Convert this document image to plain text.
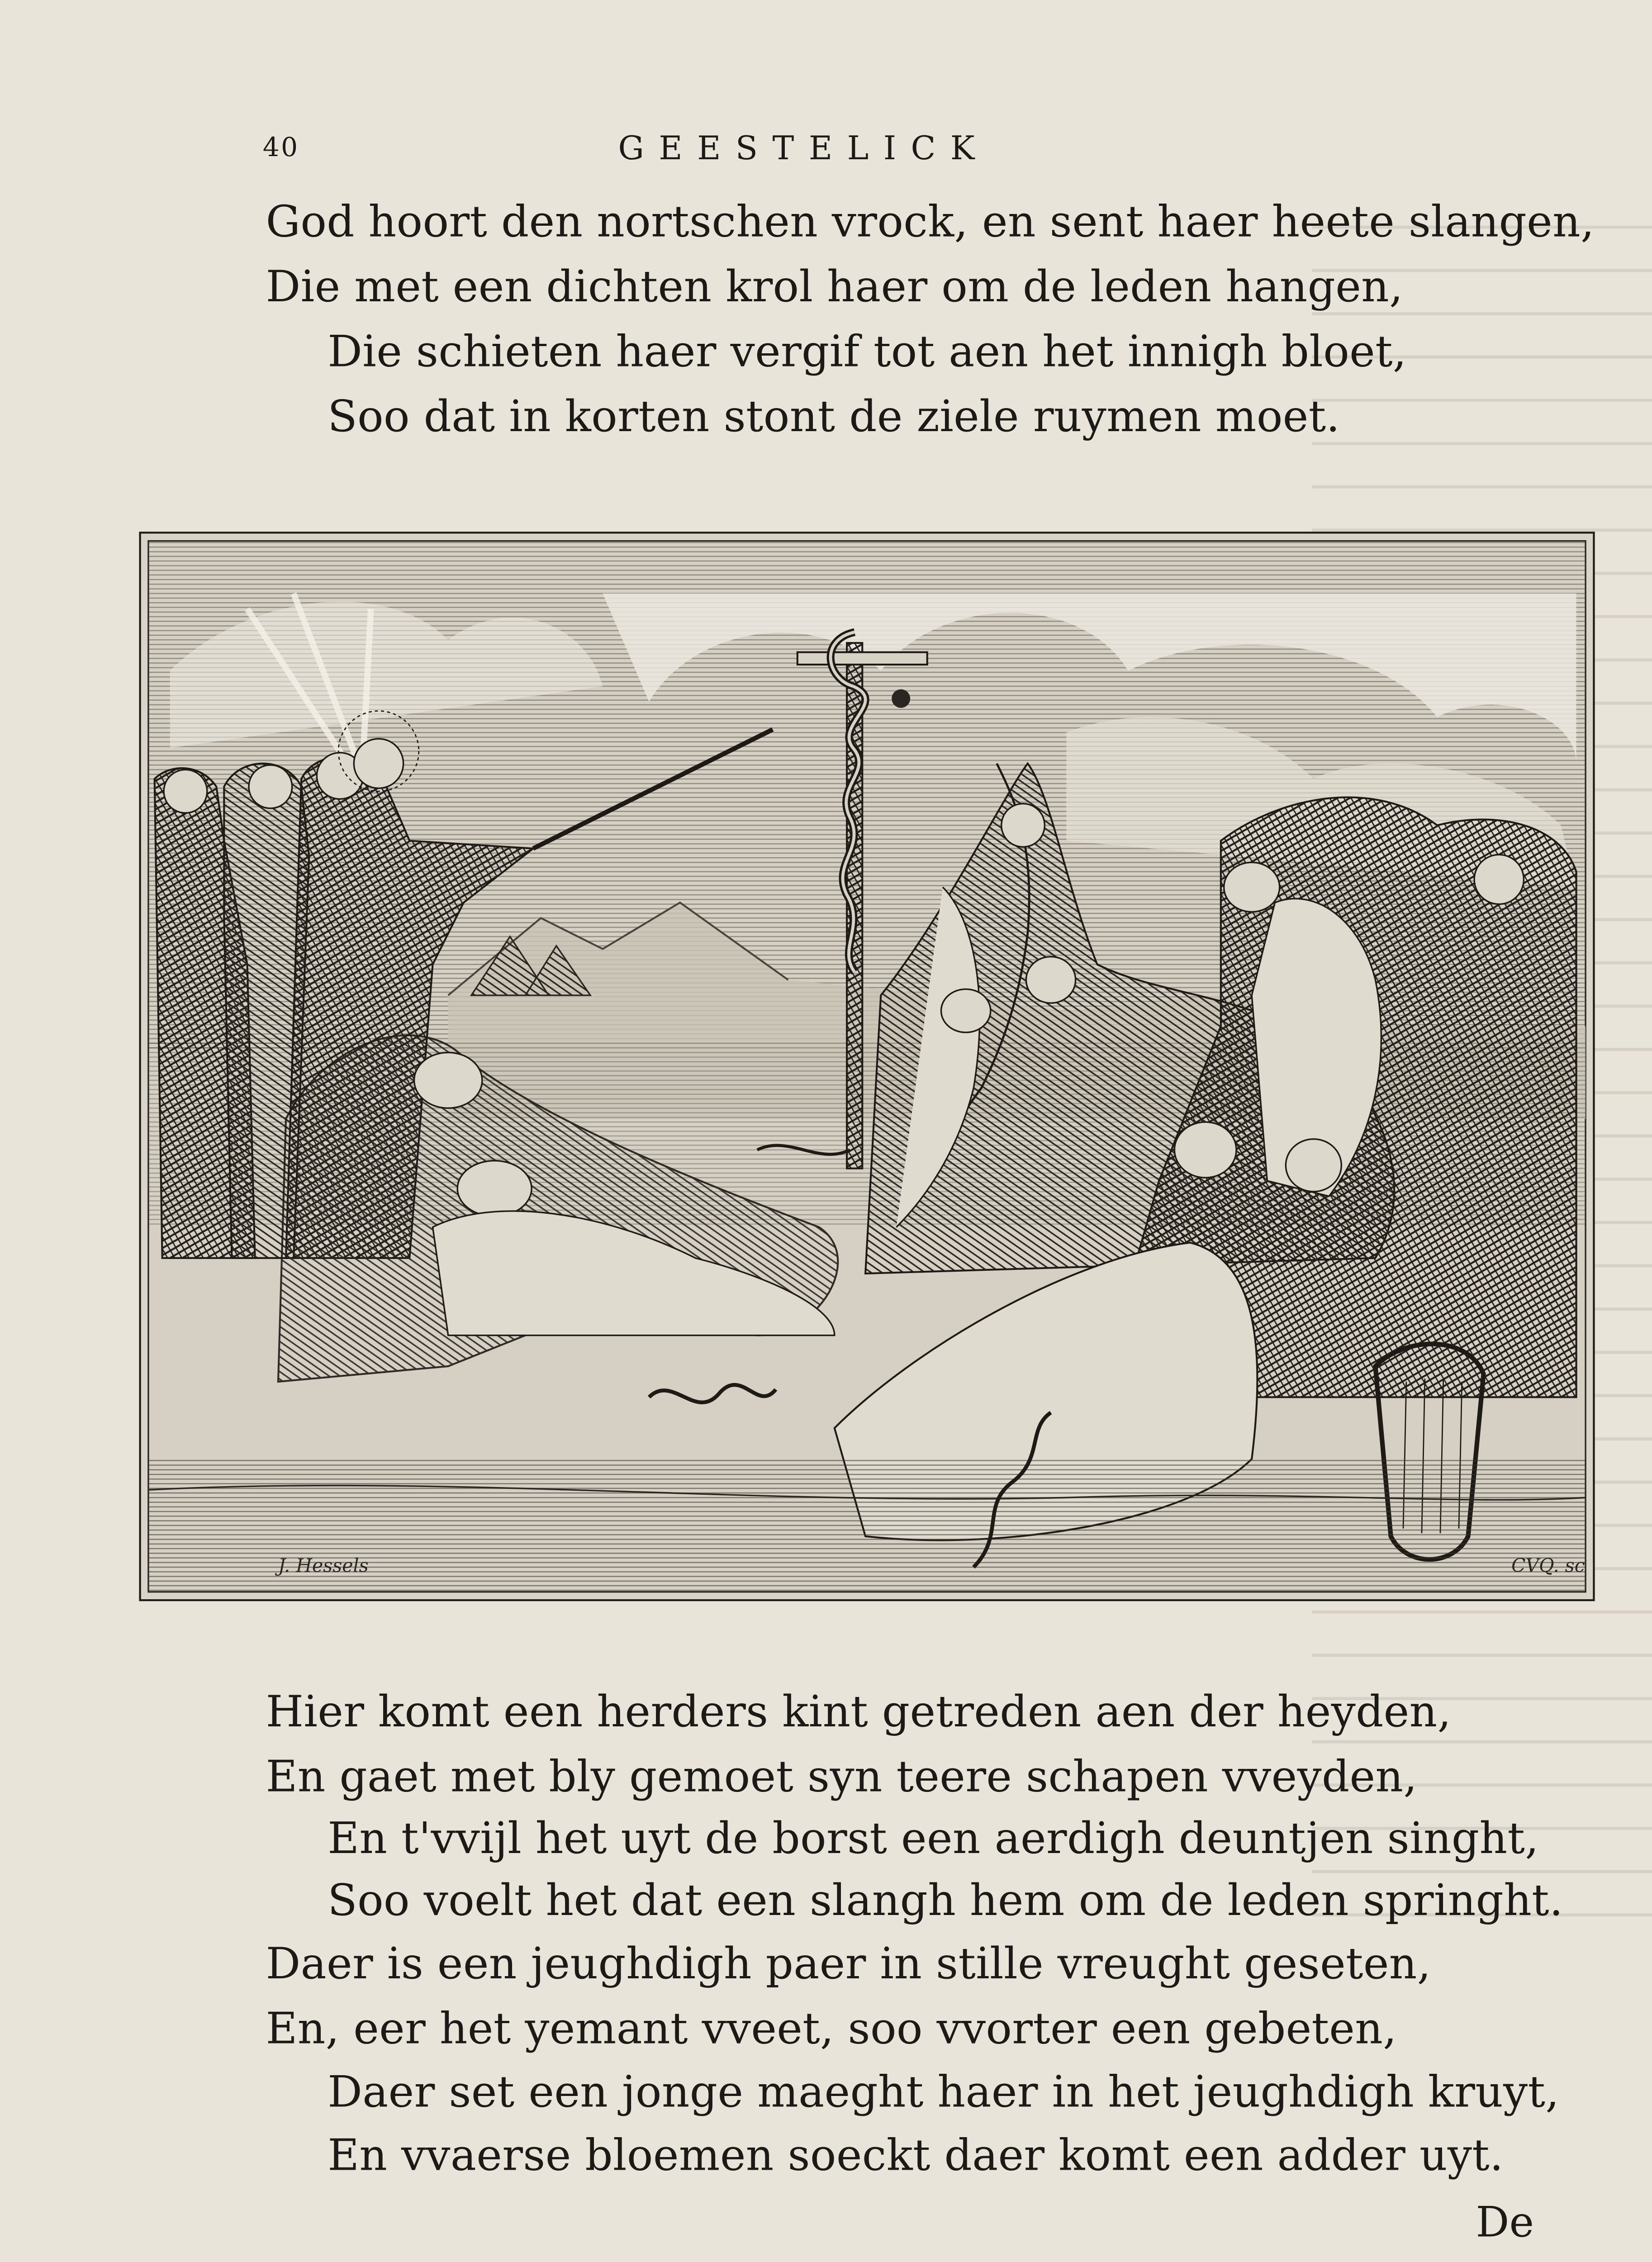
40	GEESTELICK
God hoort den nortschen vrock, en sent haer heete slangen,
Die met een dichten krol haer om de leden hangen,
Die schieten haer vergif tot aen het innigh bloet,
Soo dat in korten stont de ziele ruymen moet.
J. Hessels	CVQ. sc
Hier komt een herders kint getreden aen der heyden,
En gaet met bly gemoet syn teere schapen vveyden,
En t'vvijl het uyt de borst een aerdigh deuntjen singht,
Soo voelt het dat een slangh hem om de leden springht.
Daer is een jeughdigh paer in stille vreught geseten,
En, eer het yemant vveet, soo vvorter een gebeten,
Daer set een jonge maeght haer in het jeughdigh kruyt,
En vvaerse bloemen soeckt daer komt een adder uyt.
De
